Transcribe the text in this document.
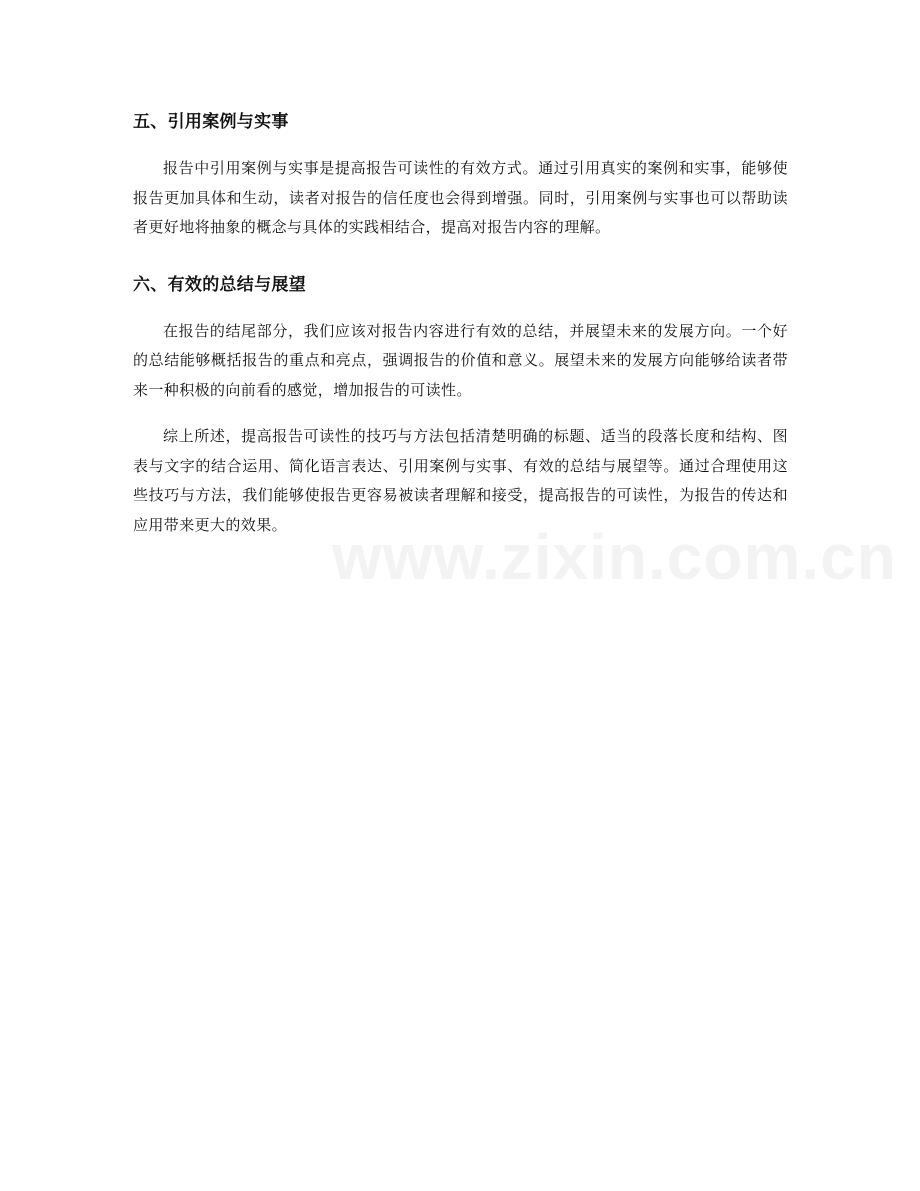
五、引用案例与实事

报告中引用案例与实事是提高报告可读性的有效方式。通过引用真实的案例和实事，能够使报告更加具体和生动，读者对报告的信任度也会得到增强。同时，引用案例与实事也可以帮助读者更好地将抽象的概念与具体的实践相结合，提高对报告内容的理解。

六、有效的总结与展望

在报告的结尾部分，我们应该对报告内容进行有效的总结，并展望未来的发展方向。一个好的总结能够概括报告的重点和亮点，强调报告的价值和意义。展望未来的发展方向能够给读者带来一种积极的向前看的感觉，增加报告的可读性。

综上所述，提高报告可读性的技巧与方法包括清楚明确的标题、适当的段落长度和结构、图表与文字的结合运用、简化语言表达、引用案例与实事、有效的总结与展望等。通过合理使用这些技巧与方法，我们能够使报告更容易被读者理解和接受，提高报告的可读性，为报告的传达和应用带来更大的效果。 www.zixin.com.cn
